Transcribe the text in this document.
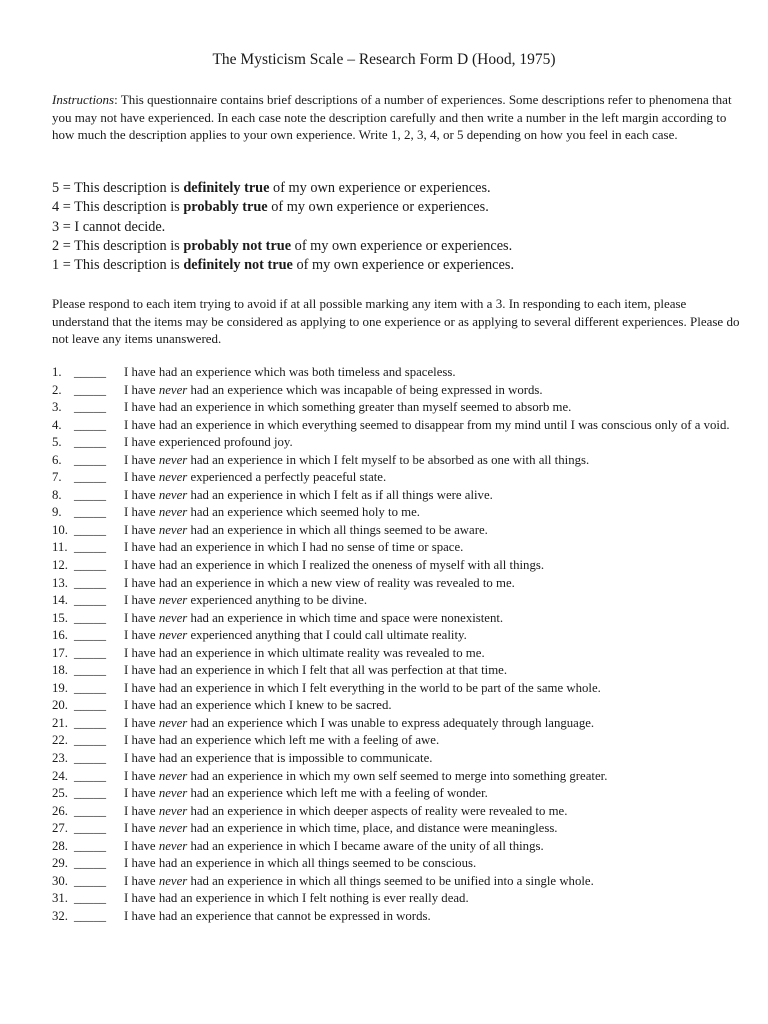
The Mysticism Scale – Research Form D (Hood, 1975)
Instructions: This questionnaire contains brief descriptions of a number of experiences. Some descriptions refer to phenomena that you may not have experienced. In each case note the description carefully and then write a number in the left margin according to how much the description applies to your own experience. Write 1, 2, 3, 4, or 5 depending on how you feel in each case.
5 = This description is definitely true of my own experience or experiences.
4 = This description is probably true of my own experience or experiences.
3 = I cannot decide.
2 = This description is probably not true of my own experience or experiences.
1 = This description is definitely not true of my own experience or experiences.
Please respond to each item trying to avoid if at all possible marking any item with a 3. In responding to each item, please understand that the items may be considered as applying to one experience or as applying to several different experiences. Please do not leave any items unanswered.
1. _____	I have had an experience which was both timeless and spaceless.
2. _____	I have never had an experience which was incapable of being expressed in words.
3. _____	I have had an experience in which something greater than myself seemed to absorb me.
4. _____	I have had an experience in which everything seemed to disappear from my mind until I was conscious only of a void.
5. _____	I have experienced profound joy.
6. _____	I have never had an experience in which I felt myself to be absorbed as one with all things.
7. _____	I have never experienced a perfectly peaceful state.
8. _____	I have never had an experience in which I felt as if all things were alive.
9. _____	I have never had an experience which seemed holy to me.
10. _____	I have never had an experience in which all things seemed to be aware.
11. _____	I have had an experience in which I had no sense of time or space.
12. _____	I have had an experience in which I realized the oneness of myself with all things.
13. _____	I have had an experience in which a new view of reality was revealed to me.
14. _____	I have never experienced anything to be divine.
15. _____	I have never had an experience in which time and space were nonexistent.
16. _____	I have never experienced anything that I could call ultimate reality.
17. _____	I have had an experience in which ultimate reality was revealed to me.
18. _____	I have had an experience in which I felt that all was perfection at that time.
19. _____	I have had an experience in which I felt everything in the world to be part of the same whole.
20. _____	I have had an experience which I knew to be sacred.
21. _____	I have never had an experience which I was unable to express adequately through language.
22. _____	I have had an experience which left me with a feeling of awe.
23. _____	I have had an experience that is impossible to communicate.
24. _____	I have never had an experience in which my own self seemed to merge into something greater.
25. _____	I have never had an experience which left me with a feeling of wonder.
26. _____	I have never had an experience in which deeper aspects of reality were revealed to me.
27. _____	I have never had an experience in which time, place, and distance were meaningless.
28. _____	I have never had an experience in which I became aware of the unity of all things.
29. _____	I have had an experience in which all things seemed to be conscious.
30. _____	I have never had an experience in which all things seemed to be unified into a single whole.
31. _____	I have had an experience in which I felt nothing is ever really dead.
32. _____	I have had an experience that cannot be expressed in words.
